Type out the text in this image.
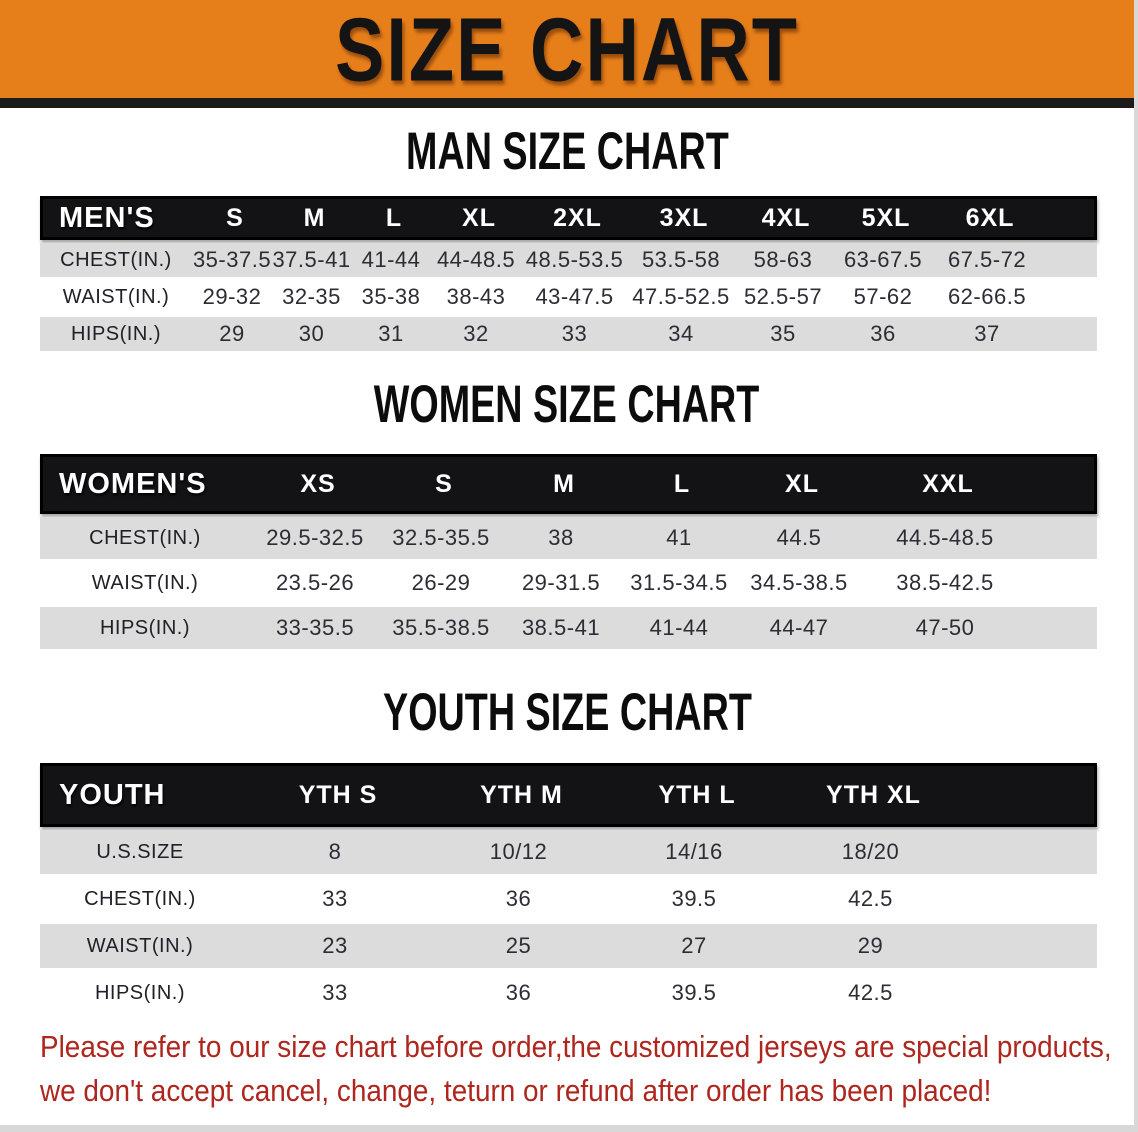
SIZE CHART
MAN SIZE CHART
MEN'S	S	M	L	XL	2XL	3XL	4XL	5XL	6XL
CHEST(IN.) 35-37.5 37.5-41 41-44 44-48.5 48.5-53.5 53.5-58	58-63	63-67.5	67.5-72
WAIST(IN.)	29-32 32-35 35-38	38-43	43-47.5 47.5-52.5 52.5-57	57-62	62-66.5
HIPS(IN.)	29	30	31	32	33	34	35	36	37
WOMEN SIZE CHART
WOMEN'S	XS	S	M	L	XL	XXL
CHEST(IN.)	29.5-32.5	32.5-35.5	38	41	44.5	44.5-48.5
WAIST(IN.)	23.5-26	26-29	29-31.5	31.5-34.5	34.5-38.5	38.5-42.5
HIPS(IN.)	33-35.5	35.5-38.5	38.5-41	41-44	44-47	47-50
YOUTH SIZE CHART
YOUTH	YTH S	YTH M	YTH L	YTH XL
U.S.SIZE	8	10/12	14/16	18/20
CHEST(IN.)	33	36	39.5	42.5
WAIST(IN.)	23	25	27	29
HIPS(IN.)	33	36	39.5	42.5
Please refer to our size chart before order,the customized jerseys are special products,
we don't accept cancel, change, teturn or refund after order has been placed!
